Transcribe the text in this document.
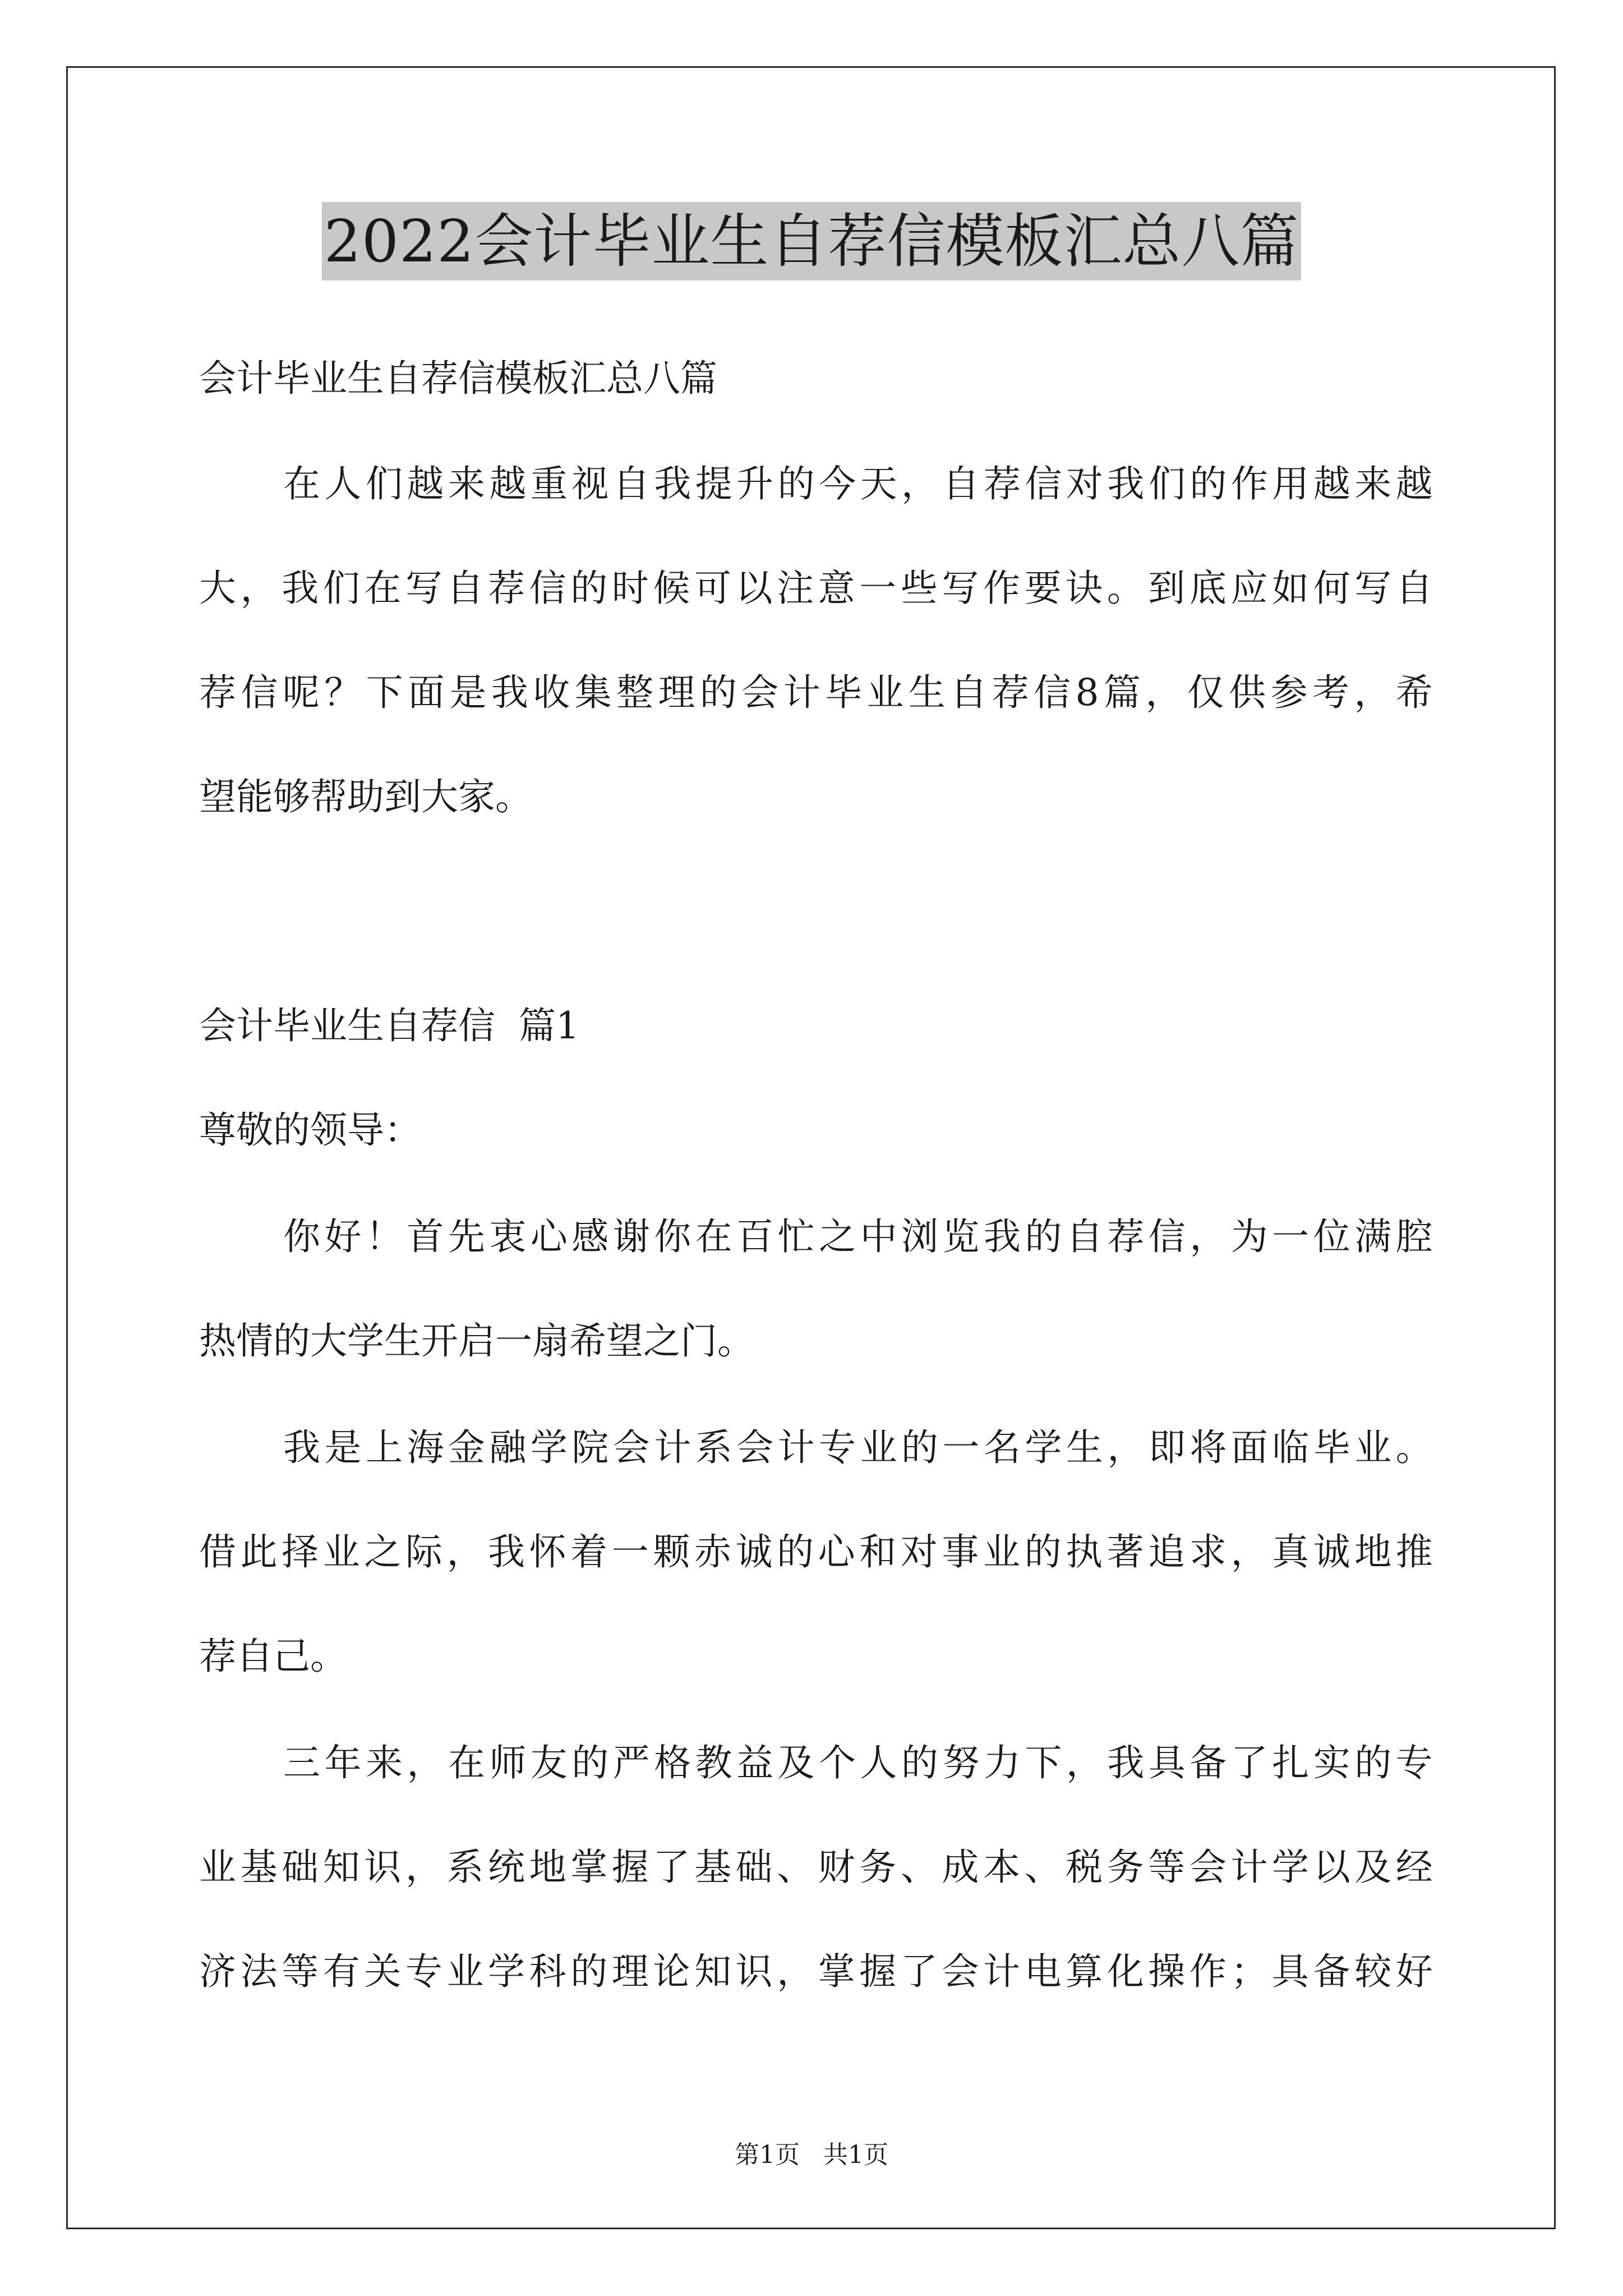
2022会计毕业生自荐信模板汇总八篇
会计毕业生自荐信模板汇总八篇
在 人 们 越 来 越 重 视 自 我 提 升 的 今 天 ， 自 荐 信 对 我 们 的 作 用 越 来 越
大 ， 我 们 在 写 自 荐 信 的 时 候 可 以 注 意 一 些 写 作 要 诀 。 到 底 应 如 何 写 自
荐 信 呢 ？ 下 面 是 我 收 集 整 理 的 会 计 毕 业 生 自 荐 信 8 篇 ， 仅 供 参 考 ， 希
望能够帮助到大家。
会计毕业生自荐信  篇1
尊敬的领导：
你 好 ！ 首 先 衷 心 感 谢 你 在 百 忙 之 中 浏 览 我 的 自 荐 信 ， 为 一 位 满 腔
热情的大学生开启一扇希望之门。
我 是 上 海 金 融 学 院 会 计 系 会 计 专 业 的 一 名 学 生 ， 即 将 面 临 毕 业 。
借 此 择 业 之 际 ， 我 怀 着 一 颗 赤 诚 的 心 和 对 事 业 的 执 著 追 求 ， 真 诚 地 推
荐自己。
三 年 来 ， 在 师 友 的 严 格 教 益 及 个 人 的 努 力 下 ， 我 具 备 了 扎 实 的 专
业 基 础 知 识 ， 系 统 地 掌 握 了 基 础 、 财 务 、 成 本 、 税 务 等 会 计 学 以 及 经
济 法 等 有 关 专 业 学 科 的 理 论 知 识 ， 掌 握 了 会 计 电 算 化 操 作 ； 具 备 较 好
第1页   共1页
